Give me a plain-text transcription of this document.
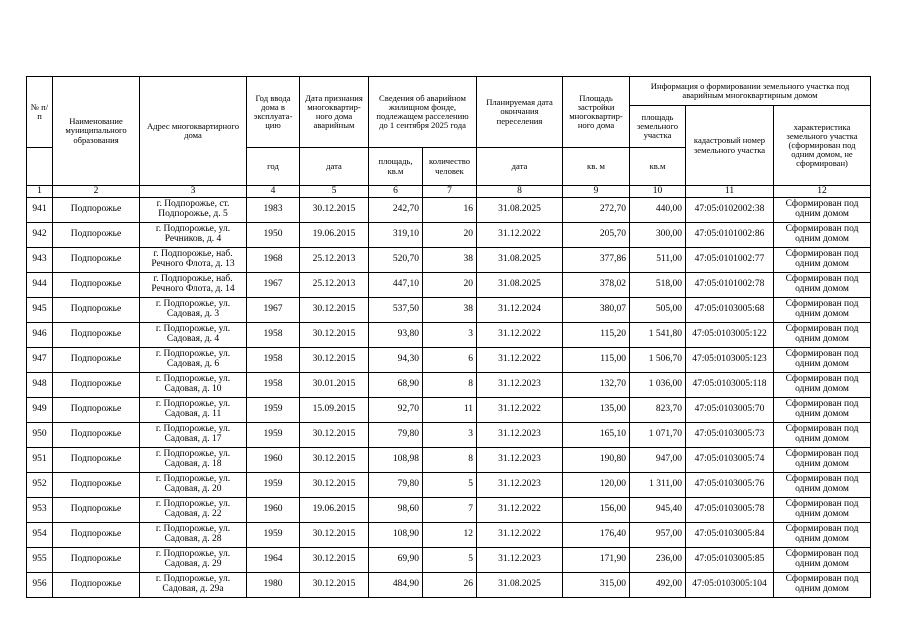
№ п/п	Наименование муниципального образования	Адрес многоквартирного дома	Год ввода дома в эксплуата-цию	Дата признания многоквартир-ного дома аварийным	Сведения об аварийном жилищном фонде, подлежащем расселению до 1 сентября 2025 года		Планируемая дата окончания переселения	Площадь застройки многоквартир-ного дома	Информация о формировании земельного участка под аварийным многоквартирным домом		
									площадь земельного участка	кадастровый номер земельного участка	характеристика земельного участка (сформирован под одним домом, не сформирован)
			год	дата	площадь, кв.м	количество человек	дата	кв. м	кв.м		
1	2	3	4	5	6	7	8	9	10	11	12
941	Подпорожье	г. Подпорожье, ст. Подпорожье, д. 5	1983	30.12.2015	242,70	16	31.08.2025	272,70	440,00	47:05:0102002:38	Сформирован под одним домом
942	Подпорожье	г. Подпорожье, ул. Речников, д. 4	1950	19.06.2015	319,10	20	31.12.2022	205,70	300,00	47:05:0101002:86	Сформирован под одним домом
943	Подпорожье	г. Подпорожье, наб. Речного Флота, д. 13	1968	25.12.2013	520,70	38	31.08.2025	377,86	511,00	47:05:0101002:77	Сформирован под одним домом
944	Подпорожье	г. Подпорожье, наб. Речного Флота, д. 14	1967	25.12.2013	447,10	20	31.08.2025	378,02	518,00	47:05:0101002:78	Сформирован под одним домом
945	Подпорожье	г. Подпорожье, ул. Садовая, д. 3	1967	30.12.2015	537,50	38	31.12.2024	380,07	505,00	47:05:0103005:68	Сформирован под одним домом
946	Подпорожье	г. Подпорожье, ул. Садовая, д. 4	1958	30.12.2015	93,80	3	31.12.2022	115,20	1 541,80	47:05:0103005:122	Сформирован под одним домом
947	Подпорожье	г. Подпорожье, ул. Садовая, д. 6	1958	30.12.2015	94,30	6	31.12.2022	115,00	1 506,70	47:05:0103005:123	Сформирован под одним домом
948	Подпорожье	г. Подпорожье, ул. Садовая, д. 10	1958	30.01.2015	68,90	8	31.12.2023	132,70	1 036,00	47:05:0103005:118	Сформирован под одним домом
949	Подпорожье	г. Подпорожье, ул. Садовая, д. 11	1959	15.09.2015	92,70	11	31.12.2022	135,00	823,70	47:05:0103005:70	Сформирован под одним домом
950	Подпорожье	г. Подпорожье, ул. Садовая, д. 17	1959	30.12.2015	79,80	3	31.12.2023	165,10	1 071,70	47:05:0103005:73	Сформирован под одним домом
951	Подпорожье	г. Подпорожье, ул. Садовая, д. 18	1960	30.12.2015	108,98	8	31.12.2023	190,80	947,00	47:05:0103005:74	Сформирован под одним домом
952	Подпорожье	г. Подпорожье, ул. Садовая, д. 20	1959	30.12.2015	79,80	5	31.12.2023	120,00	1 311,00	47:05:0103005:76	Сформирован под одним домом
953	Подпорожье	г. Подпорожье, ул. Садовая, д. 22	1960	19.06.2015	98,60	7	31.12.2022	156,00	945,40	47:05:0103005:78	Сформирован под одним домом
954	Подпорожье	г. Подпорожье, ул. Садовая, д. 28	1959	30.12.2015	108,90	12	31.12.2022	176,40	957,00	47:05:0103005:84	Сформирован под одним домом
955	Подпорожье	г. Подпорожье, ул. Садовая, д. 29	1964	30.12.2015	69,90	5	31.12.2023	171,90	236,00	47:05:0103005:85	Сформирован под одним домом
956	Подпорожье	г. Подпорожье, ул. Садовая, д. 29а	1980	30.12.2015	484,90	26	31.08.2025	315,00	492,00	47:05:0103005:104	Сформирован под одним домом
